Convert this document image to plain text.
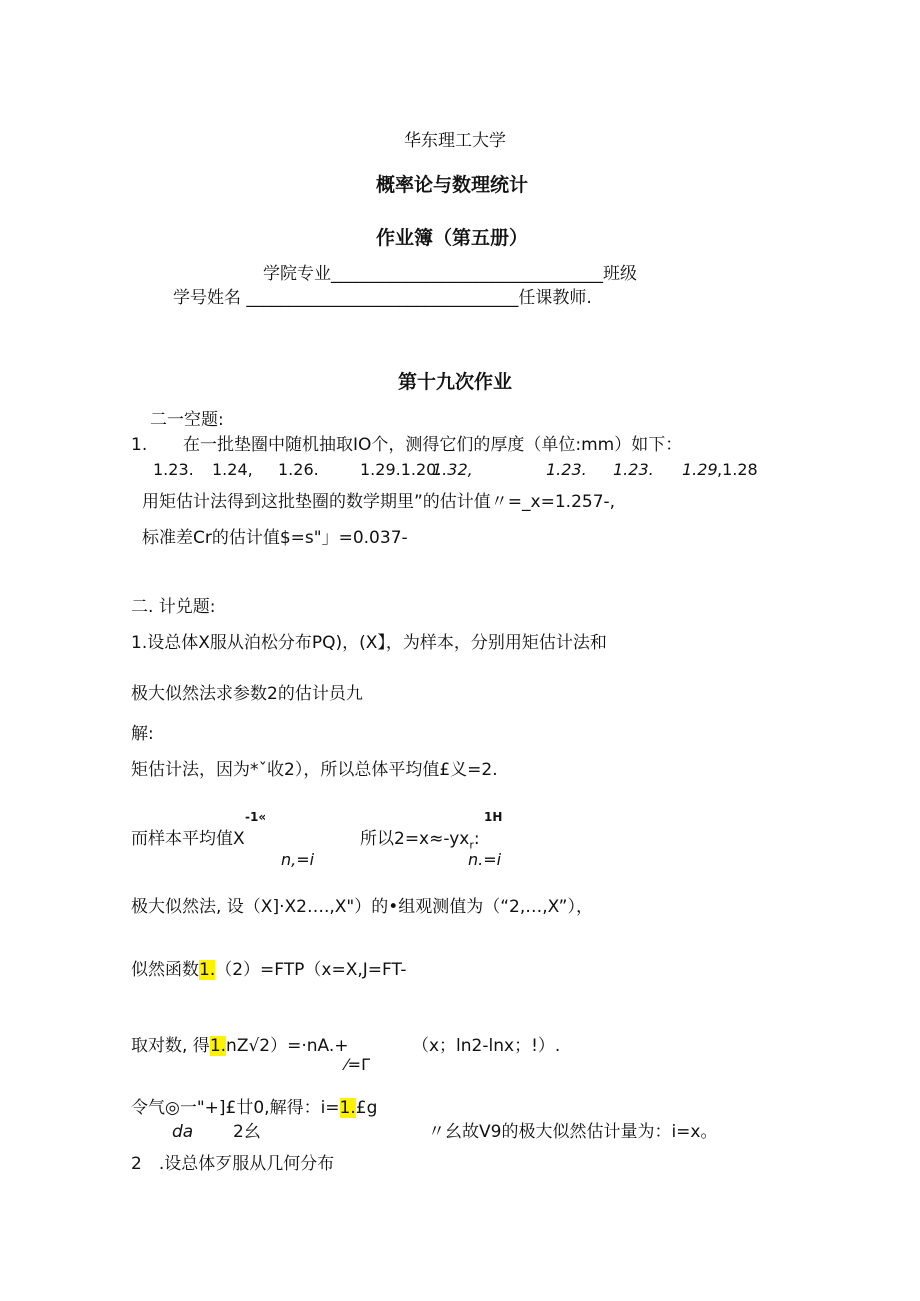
华东理工大学
概率论与数理统计
作业簿（第五册）
学院专业________________________________班级
学号姓名 ________________________________任课教师.
第十九次作业
二一空题:
1. 在一批垫圈中随机抽取IO个，测得它们的厚度（单位:mm）如下：
1.23. 1.24, 1.26.	1.29.1.20.
1.32,	1.23. 1.23. 1.29 ,1.28
用矩估计法得到这批垫圈的数学期里”的估计值〃=_x=1.257-,
标准差Cr的估计值$=s"」=0.037-
二. 计兑题:
1.设总体X服从泊松分布PQ)，(X】，为样本，分别用矩估计法和
极大似然法求参数2的估计员九
解:
矩估计法，因为*ˇ收2），所以总体平均值£义=2.
-1«
而样本平均值X
n,=i
1H
所以$2=x\approx-yx_r$:
n.=i
极大似然法, 设（X]·X2….,X"）的•组观测值为（“2,…,X”），
似然函数1.（2）=FTP（x=X,J=FT-
取对数, 得1.nZ√2）=·nA.+	（x；ln2-lnx；!）.
⁄=Γ
令气◎一"+]£廿0,解得：i=1.£g
da 2幺	〃幺故V9的极大似然估计量为：i=x。
2　.设总体歹服从几何分布
